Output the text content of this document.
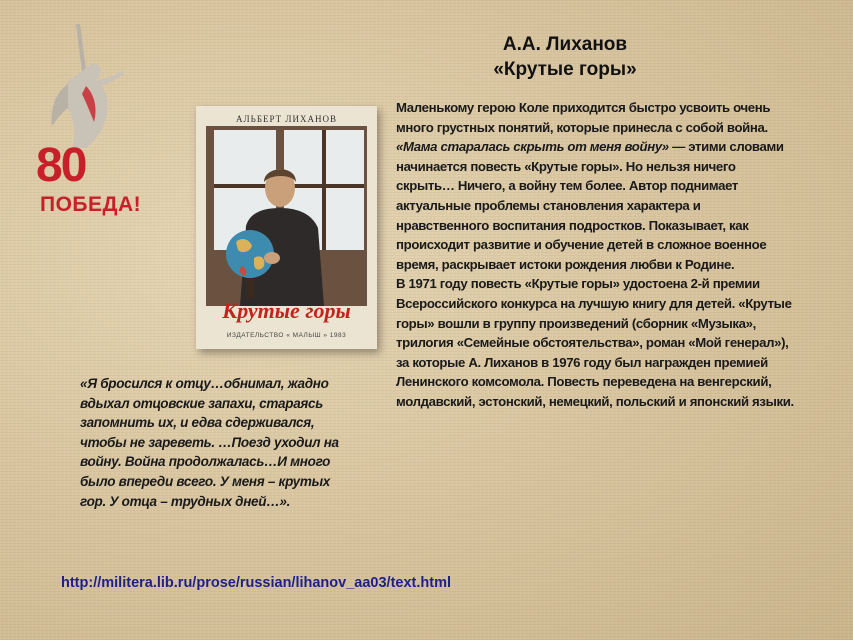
80
ПОБЕДА!
А.А. Лиханов
«Крутые горы»
АЛЬБЕРТ ЛИХАНОВ
Крутые горы
ИЗДАТЕЛЬСТВО « МАЛЫШ » 1983

Маленькому герою Коле приходится быстро усвоить очень много грустных понятий, которые принесла с собой война. «Мама старалась скрыть от меня войну» — этими словами начинается повесть «Крутые горы». Но нельзя ничего скрыть… Ничего, а войну тем более. Автор поднимает актуальные проблемы становления характера и нравственного воспитания подростков. Показывает, как происходит развитие и обучение детей в сложное военное время, раскрывает истоки рождения любви к Родине.

В 1971 году повесть «Крутые горы» удостоена 2-й премии Всероссийского конкурса на лучшую книгу для детей. «Крутые горы» вошли в группу произведений (сборник «Музыка», трилогия «Семейные обстоятельства», роман «Мой генерал»), за которые А. Лиханов в 1976 году был награжден премией Ленинского комсомола. Повесть переведена на венгерский, молдавский, эстонский, немецкий, польский и японский языки.

«Я бросился к отцу…обнимал, жадно вдыхал отцовские запахи, стараясь запомнить их, и едва сдерживался, чтобы не зареветь. …Поезд уходил на войну. Война продолжалась…И много было впереди всего. У меня – крутых гор. У отца – трудных дней…».
http://militera.lib.ru/prose/russian/lihanov_aa03/text.html
